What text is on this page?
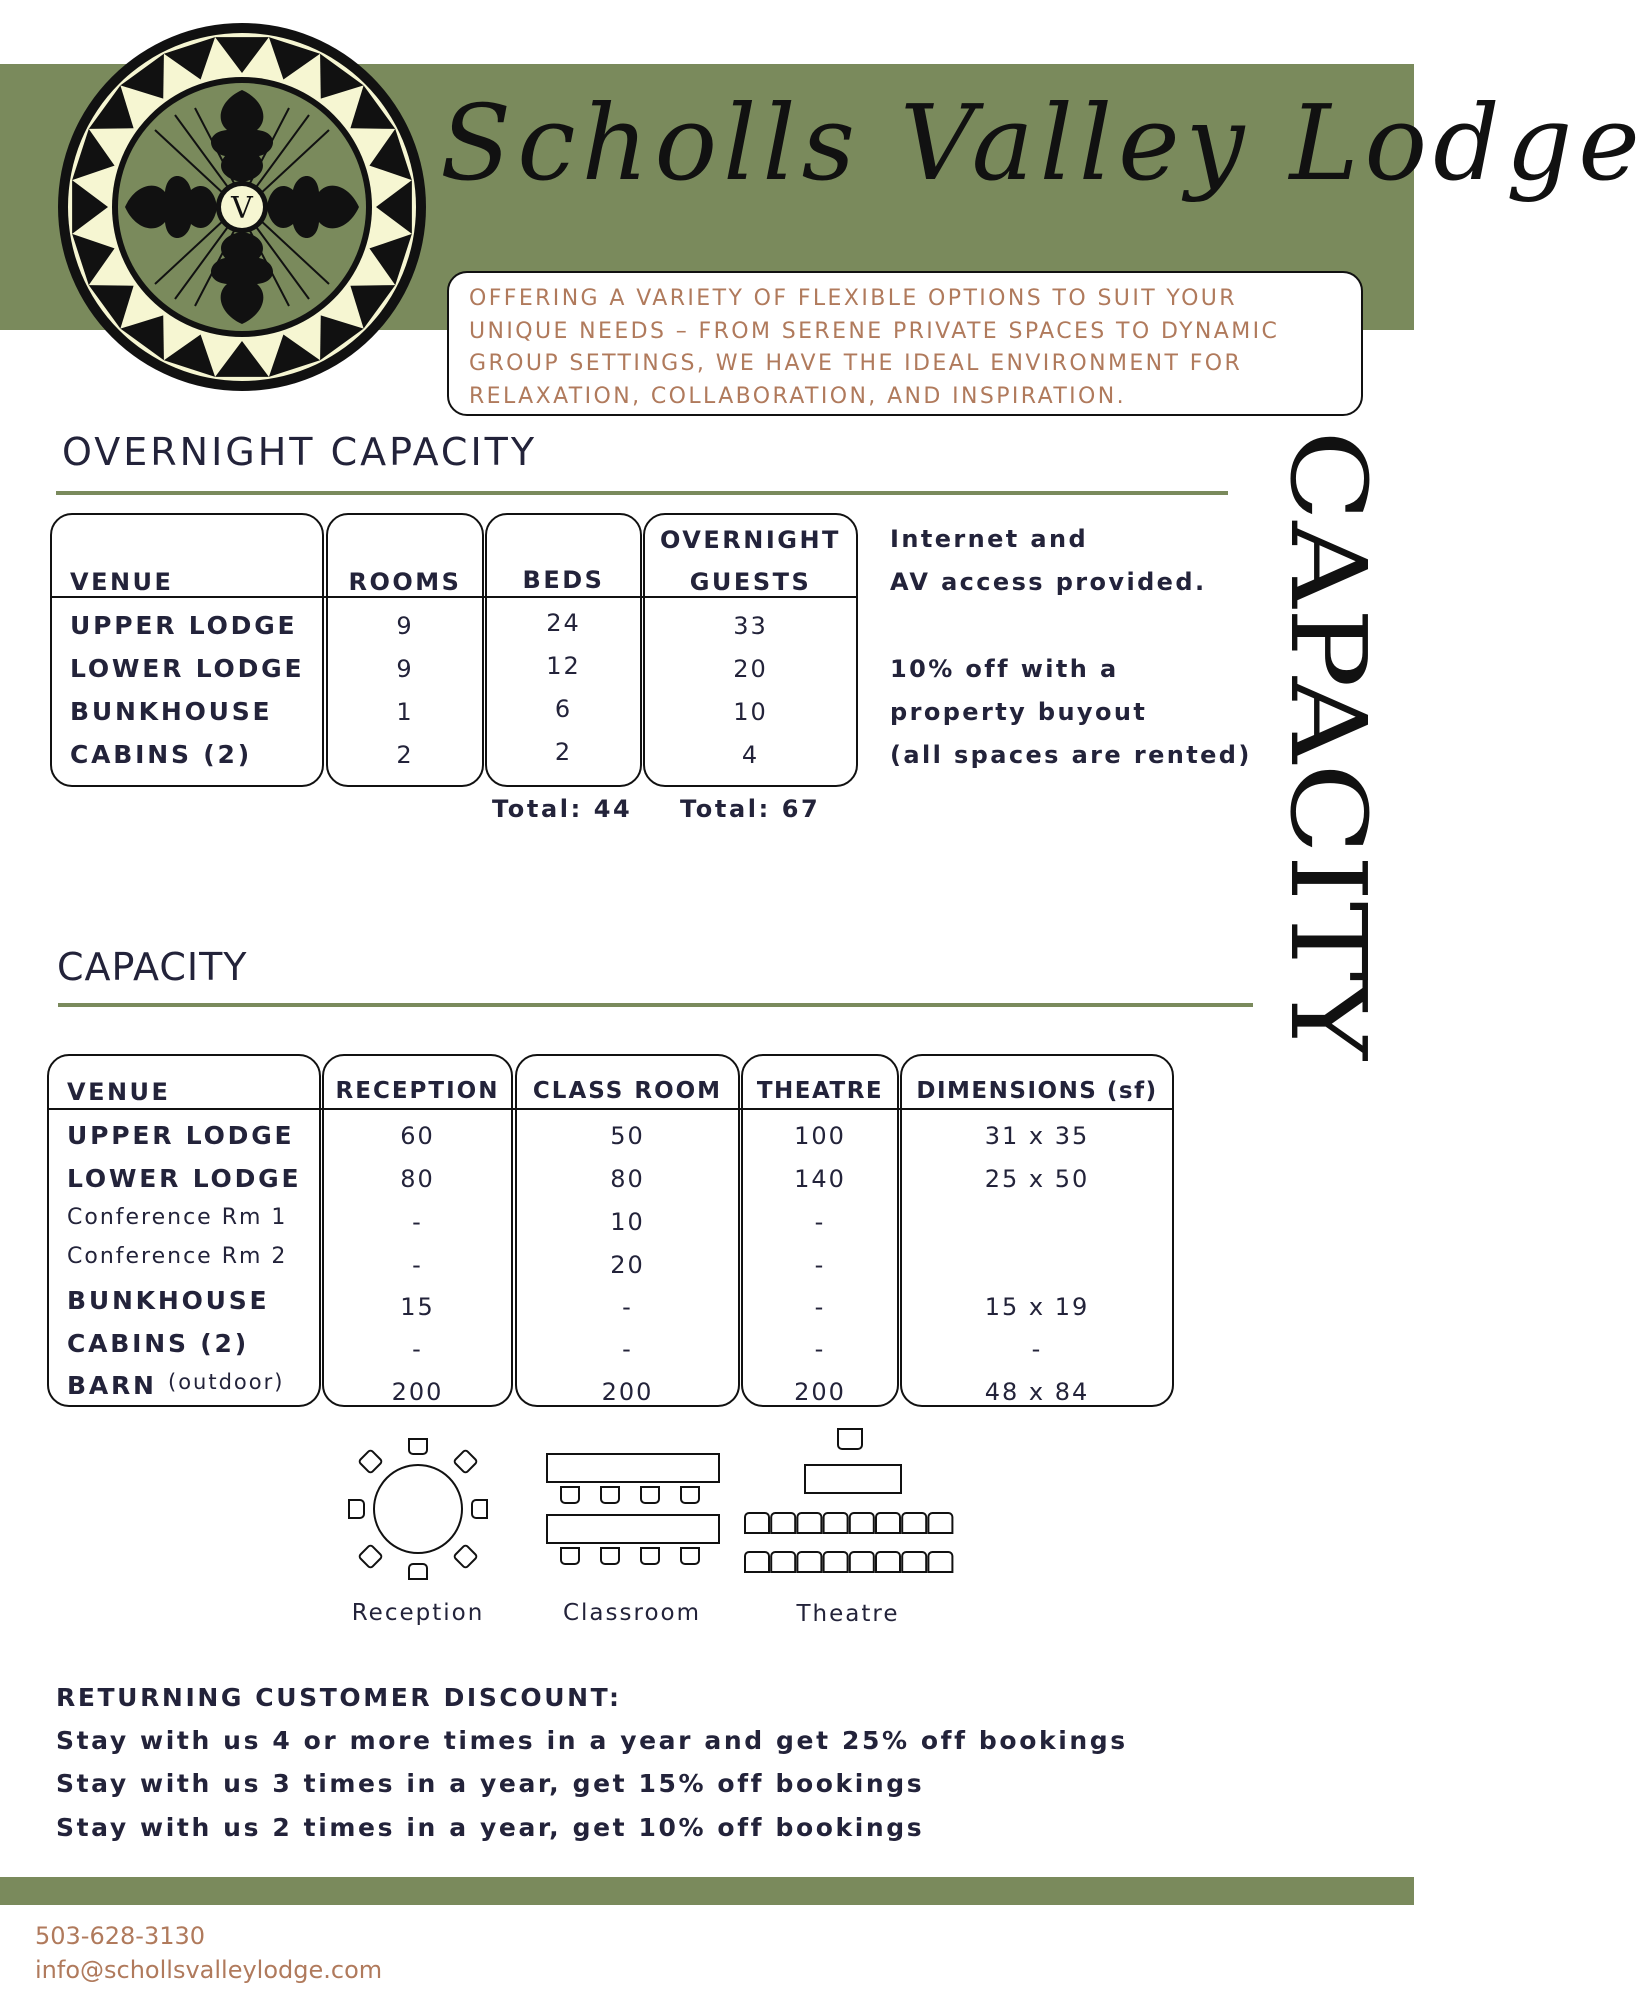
V
Scholls Valley Lodge
OFFERING A VARIETY OF FLEXIBLE OPTIONS TO SUIT YOUR
UNIQUE NEEDS – FROM SERENE PRIVATE SPACES TO DYNAMIC
GROUP SETTINGS, WE HAVE THE IDEAL ENVIRONMENT FOR
RELAXATION, COLLABORATION, AND INSPIRATION.
CAPACITY
OVERNIGHT CAPACITY
VENUE	ROOMS	BEDS
OVERNIGHT
GUESTS
UPPER LODGE	9	24	33
LOWER LODGE	9	12	20
BUNKHOUSE	1	6	10
CABINS (2)	2	2	4
Total: 44 Total: 67
Internet and
AV access provided.
10% off with a
property buyout
(all spaces are rented)
CAPACITY
VENUE	RECEPTION	CLASS ROOM	THEATRE	DIMENSIONS (sf)
UPPER LODGE	60	50	100	31 x 35
LOWER LODGE	80	80	140	25 x 50
Conference Rm 1	-	10	-
Conference Rm 2	-	20	-
BUNKHOUSE	15	-	-	15 x 19
CABINS (2)	-	-	-	-
BARN (outdoor)	200	200	200	48 x 84
Reception	Classroom	Theatre
RETURNING CUSTOMER DISCOUNT:
Stay with us 4 or more times in a year and get 25% off bookings
Stay with us 3 times in a year, get 15% off bookings
Stay with us 2 times in a year, get 10% off bookings
503-628-3130
info@schollsvalleylodge.com
